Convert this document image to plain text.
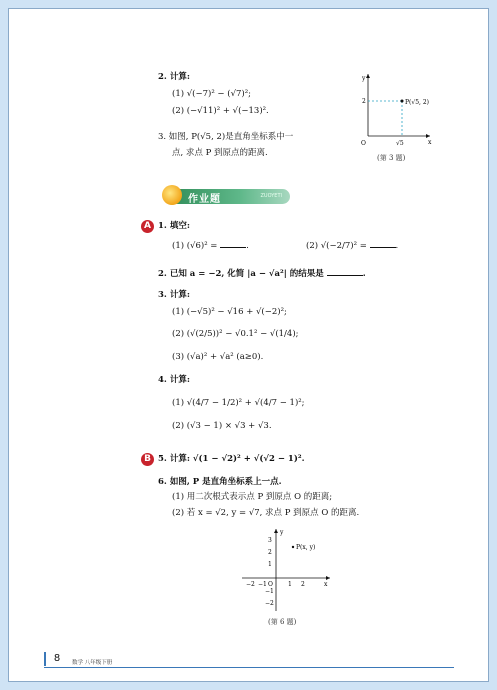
2. 计算:
(1) √(−7)² − (√7)²;
(2) (−√11)² + √(−13)².
3. 如图, P(√5, 2)是直角坐标系中一
点, 求点 P 到原点的距离.
y
x
O
2
√5
P(√5, 2)
(第 3 题)
作业题	ZUOYETI
A 1. 填空:
(1) (√6)² =	.	(2) √(−2/7)² =	.
2. 已知 a = −2, 化简 |a − √a²| 的结果是	.
3. 计算:
(1) (−√5)² − √16 + √(−2)²;
(2) (√(2/5))² − √0.1² − √(1/4);
(3) (√a)² + √a² (a≥0).
4. 计算:
(1) √(4/7 − 1/2)² + √(4/7 − 1)²;
(2) (√3 − 1) × √3 + √3.
B 5. 计算: √(1 − √2)² + √(√2 − 1)².
6. 如图, P 是直角坐标系上一点.
(1) 用二次根式表示点 P 到原点 O 的距离;
(2) 若 x = √2, y = √7, 求点 P 到原点 O 的距离.
y
x
O
P(x, y)
3
2
1
−1
−2
−2 −1	1 2
(第 6 题)
8	数学 八年级下册
